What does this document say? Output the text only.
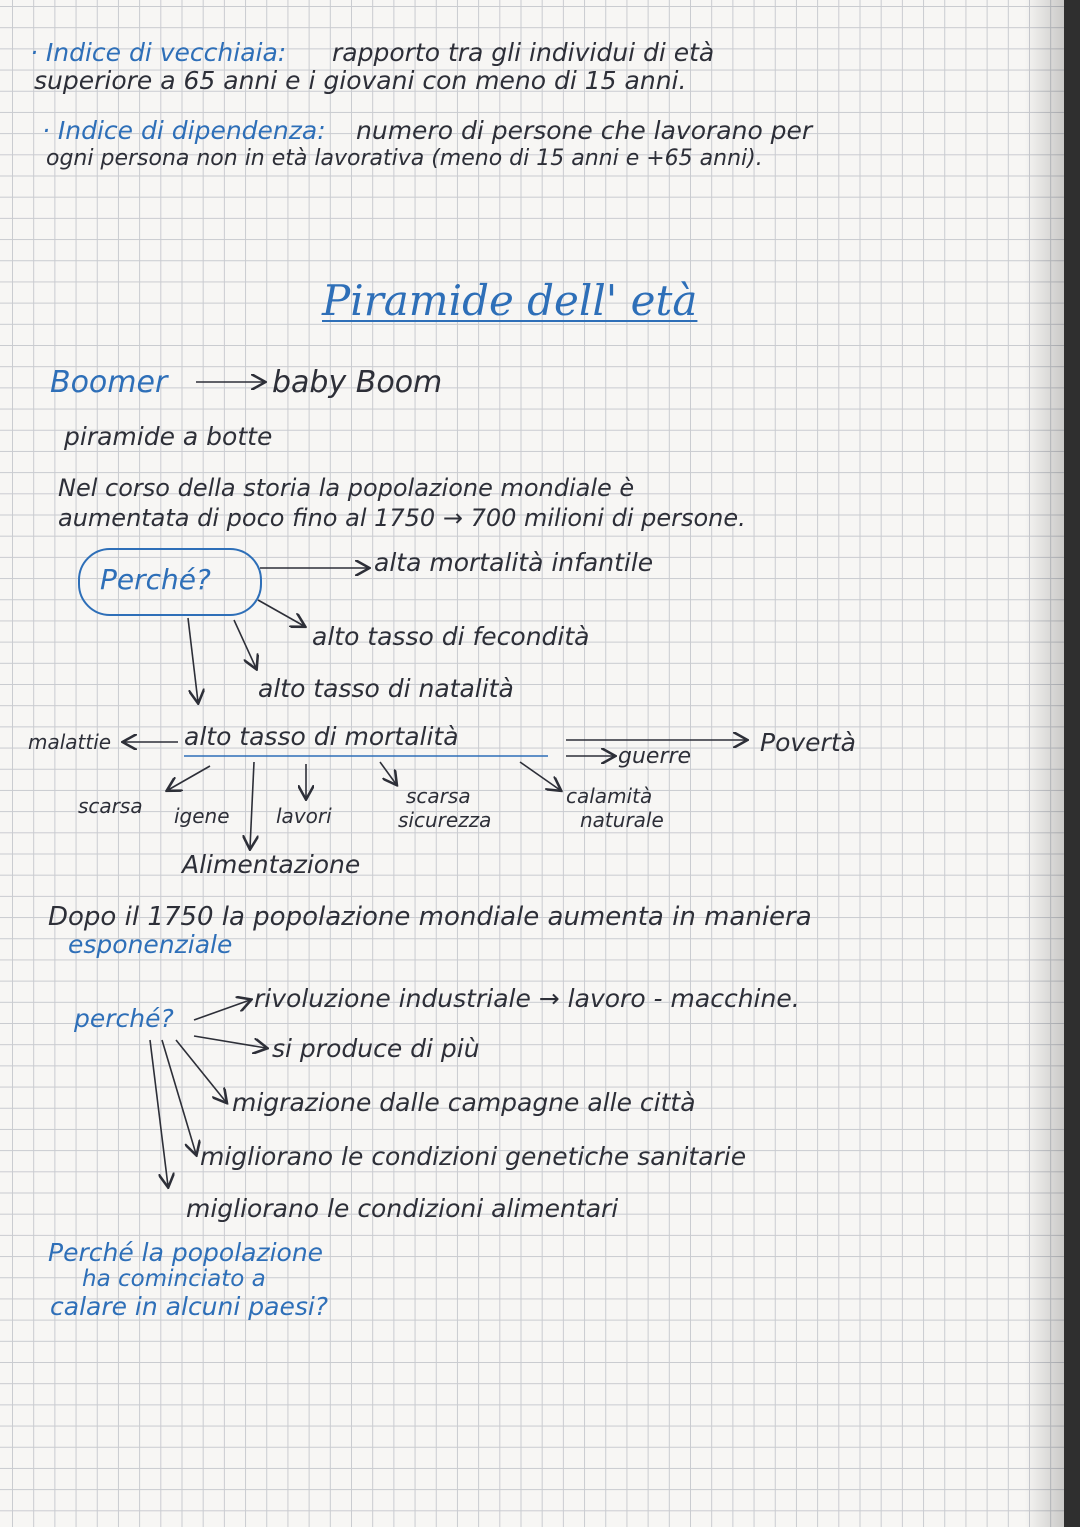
· Indice di vecchiaia: rapporto tra gli individui di età
superiore a 65 anni e i giovani con meno di 15 anni.
· Indice di dipendenza: numero di persone che lavorano per
ogni persona non in età lavorativa (meno di 15 anni e +65 anni).
Piramide dell' età
Boomer	baby Boom
piramide a botte
Nel corso della storia la popolazione mondiale è
aumentata di poco fino al 1750 → 700 milioni di persone.
Perché?
alta mortalità infantile
alto tasso di fecondità
alto tasso di natalità
malattie	alto tasso di mortalità	Povertà
guerre
scarsa igene lavori
scarsa
sicurezza
calamità
naturale
Alimentazione
Dopo il 1750 la popolazione mondiale aumenta in maniera
esponenziale
perché?
rivoluzione industriale → lavoro - macchine.
si produce di più
migrazione dalle campagne alle città
migliorano le condizioni genetiche sanitarie
migliorano le condizioni alimentari
Perché la popolazione
ha cominciato a
calare in alcuni paesi?
